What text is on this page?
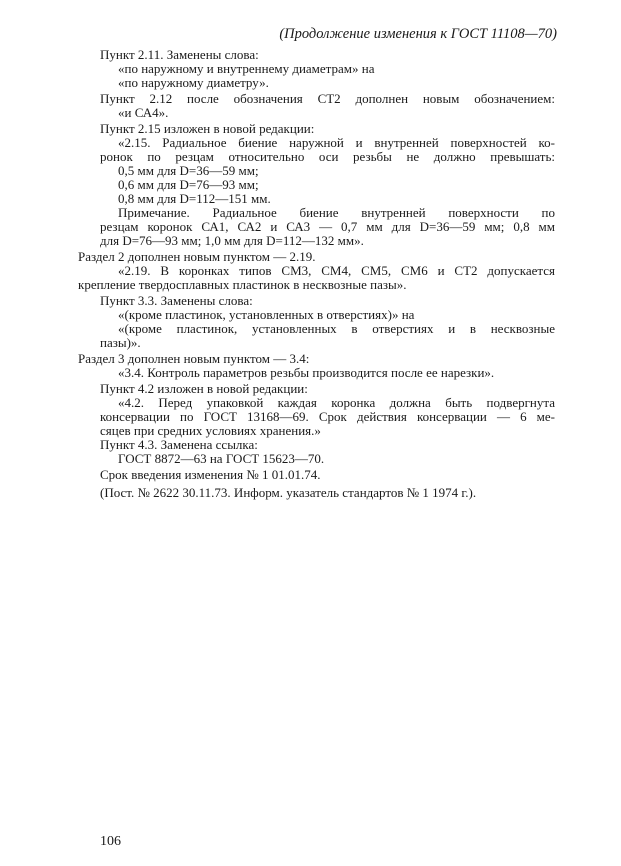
(Продолжение изменения к ГОСТ 11108—70)
Пункт 2.11. Заменены слова:
«по наружному и внутреннему диаметрам» на
«по наружному диаметру».
Пункт 2.12 после обозначения СТ2 дополнен новым обозначением:
«и СА4».
Пункт 2.15 изложен в новой редакции:
«2.15. Радиальное биение наружной и внутренней поверхностей ко-
ронок по резцам относительно оси резьбы не должно превышать:
0,5 мм для D=36—59 мм;
0,6 мм для D=76—93 мм;
0,8 мм для D=112—151 мм.
Примечание. Радиальное биение внутренней поверхности по
резцам коронок СА1, СА2 и СА3 — 0,7 мм для D=36—59 мм; 0,8 мм
для D=76—93 мм; 1,0 мм для D=112—132 мм».
Раздел 2 дополнен новым пунктом — 2.19.
«2.19. В коронках типов СМ3, СМ4, СМ5, СМ6 и СТ2 допускается
крепление твердосплавных пластинок в несквозные пазы».
Пункт 3.3. Заменены слова:
«(кроме пластинок, установленных в отверстиях)» на
«(кроме пластинок, установленных в отверстиях и в несквозные
пазы)».
Раздел 3 дополнен новым пунктом — 3.4:
«3.4. Контроль параметров резьбы производится после ее нарезки».
Пункт 4.2 изложен в новой редакции:
«4.2. Перед упаковкой каждая коронка должна быть подвергнута
консервации по ГОСТ 13168—69. Срок действия консервации — 6 ме-
сяцев при средних условиях хранения.»
Пункт 4.3. Заменена ссылка:
ГОСТ 8872—63 на ГОСТ 15623—70.
Срок введения изменения № 1 01.01.74.
(Пост. № 2622 30.11.73. Информ. указатель стандартов № 1 1974 г.).
106
